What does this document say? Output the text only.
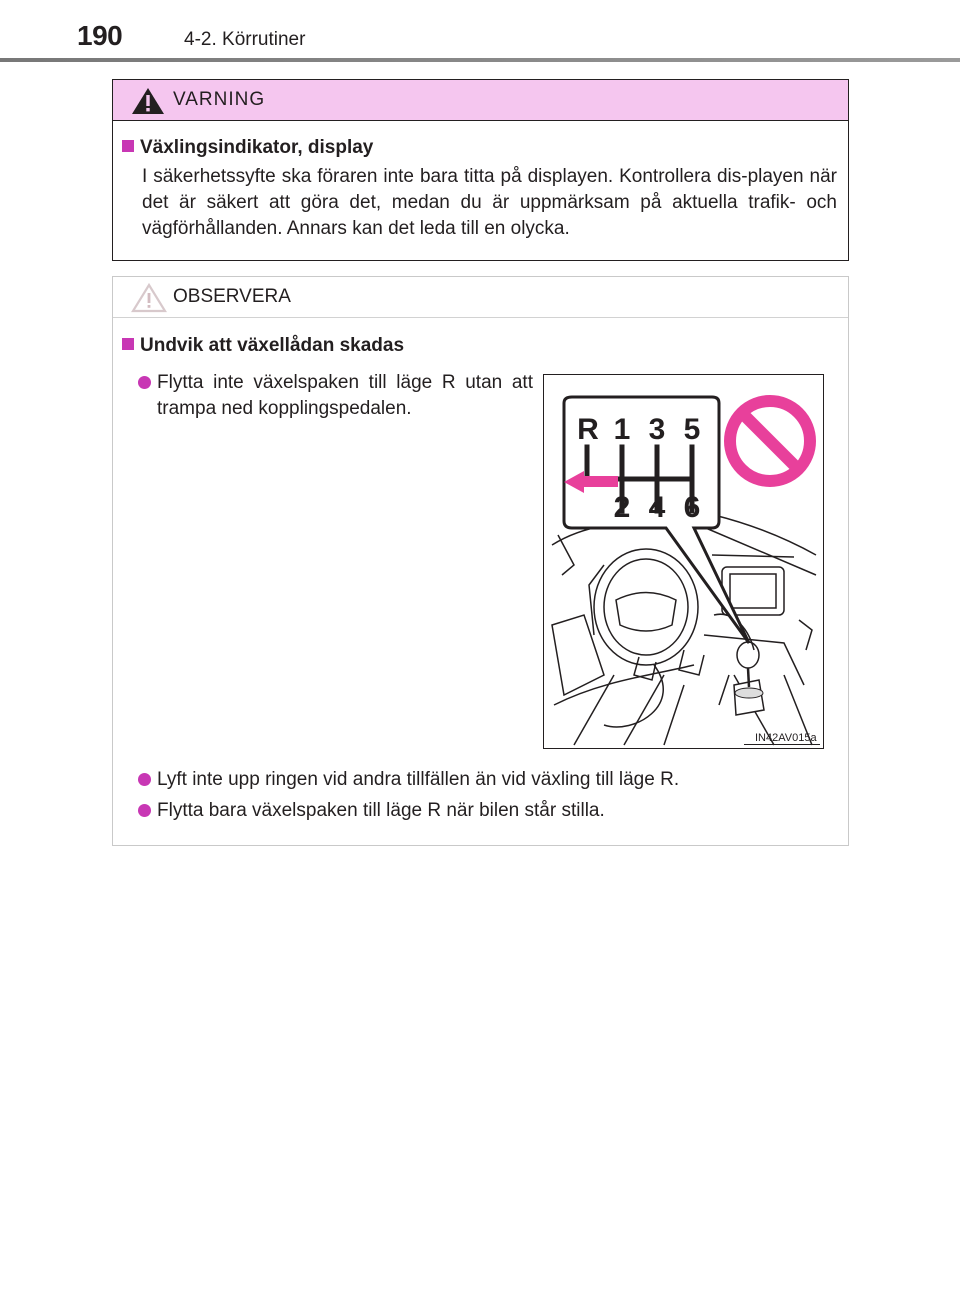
190	4-2. Körrutiner
VARNING
Växlingsindikator, display
I säkerhetssyfte ska föraren inte bara titta på displayen. Kontrollera dis-playen när det är säkert att göra det, medan du är uppmärksam på aktuella trafik- och vägförhållanden. Annars kan det leda till en olycka.
OBSERVERA
Undvik att växellådan skadas
Flytta inte växelspaken till läge R utan att trampa ned kopplingspedalen.
R 1 3 5
2 4 6
IN42AV015a
Lyft inte upp ringen vid andra tillfällen än vid växling till läge R.
Flytta bara växelspaken till läge R när bilen står stilla.
